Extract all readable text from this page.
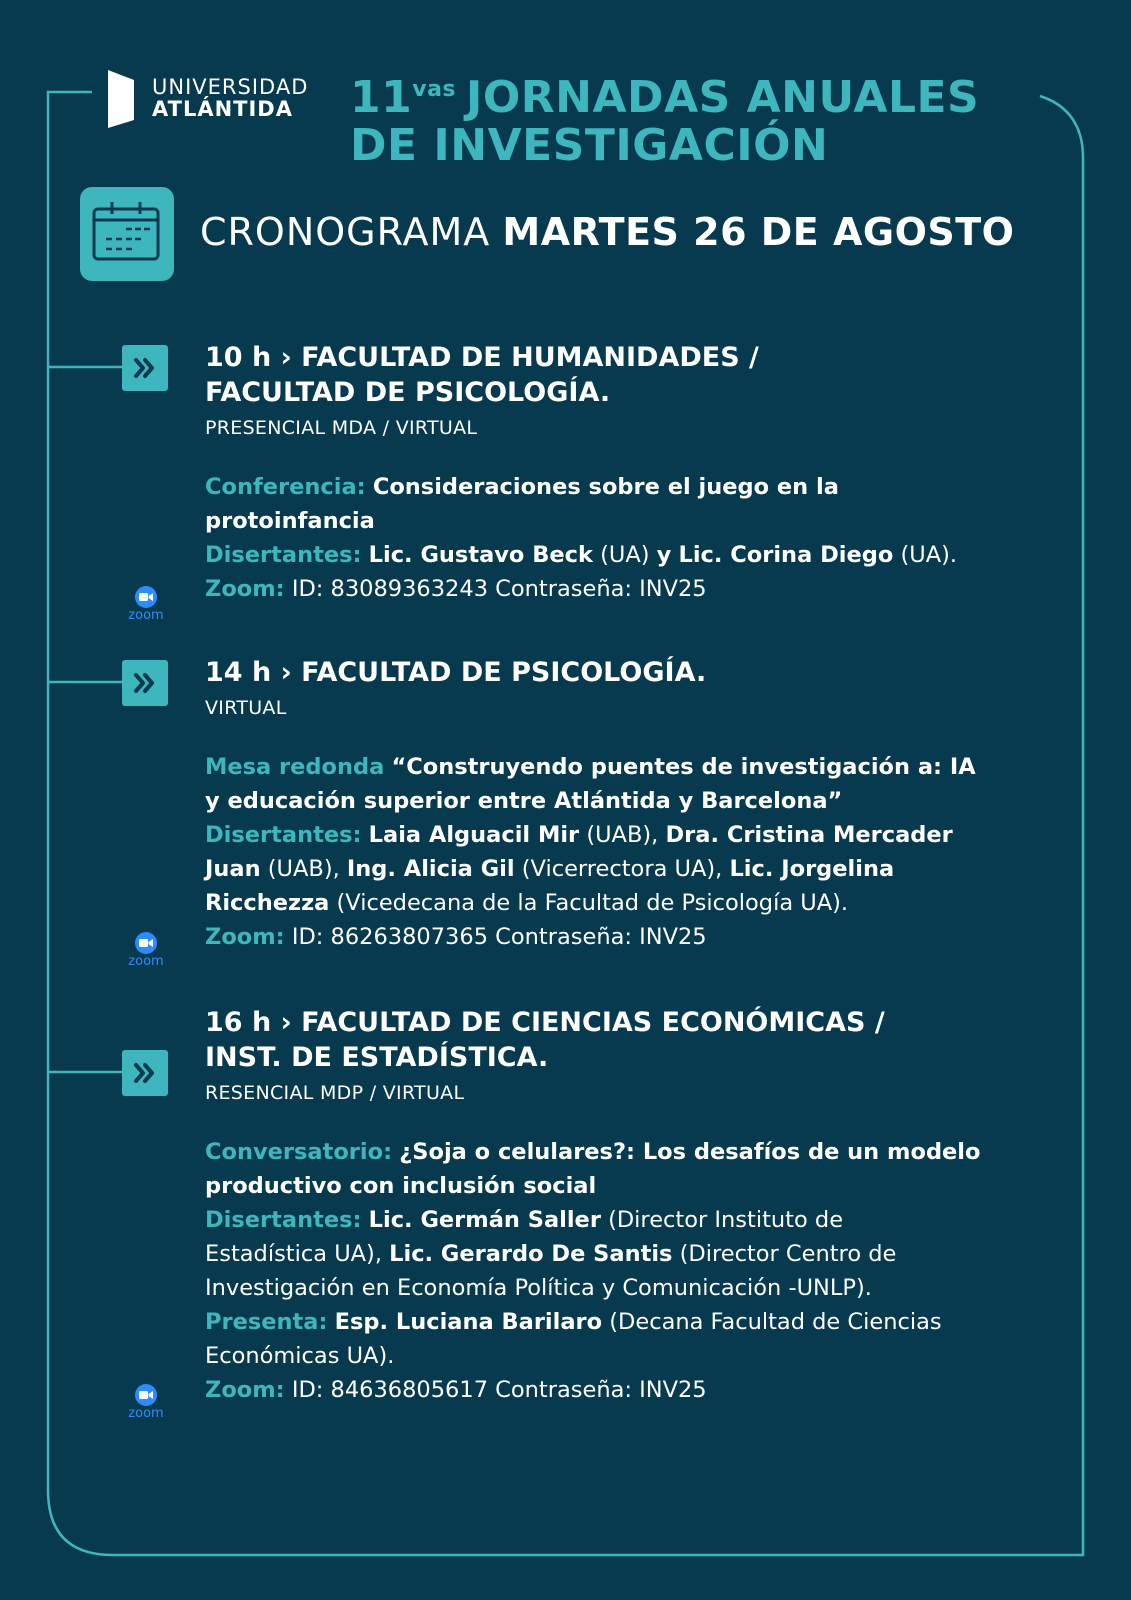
UNIVERSIDAD
ATLÁNTIDA	$11^{vas}$ JORNADAS ANUALES
DE INVESTIGACIÓN
CRONOGRAMA MARTES 26 DE AGOSTO
zoom
zoom
zoom
10 h › FACULTAD DE HUMANIDADES /
FACULTAD DE PSICOLOGÍA.
PRESENCIAL MDA / VIRTUAL

Conferencia: Consideraciones sobre el juego en la

protoinfancia

Disertantes: Lic. Gustavo Beck (UA) y Lic. Corina Diego (UA).

Zoom: ID: 83089363243 Contraseña: INV25

14 h › FACULTAD DE PSICOLOGÍA.
VIRTUAL

Mesa redonda “Construyendo puentes de investigación a: IA

y educación superior entre Atlántida y Barcelona”

Disertantes: Laia Alguacil Mir (UAB), Dra. Cristina Mercader

Juan (UAB), Ing. Alicia Gil (Vicerrectora UA), Lic. Jorgelina

Ricchezza (Vicedecana de la Facultad de Psicología UA).

Zoom: ID: 86263807365 Contraseña: INV25

16 h › FACULTAD DE CIENCIAS ECONÓMICAS /
INST. DE ESTADÍSTICA.
RESENCIAL MDP / VIRTUAL

Conversatorio: ¿Soja o celulares?: Los desafíos de un modelo

productivo con inclusión social

Disertantes: Lic. Germán Saller (Director Instituto de

Estadística UA), Lic. Gerardo De Santis (Director Centro de

Investigación en Economía Política y Comunicación -UNLP).

Presenta: Esp. Luciana Barilaro (Decana Facultad de Ciencias

Económicas UA).

Zoom: ID: 84636805617 Contraseña: INV25
